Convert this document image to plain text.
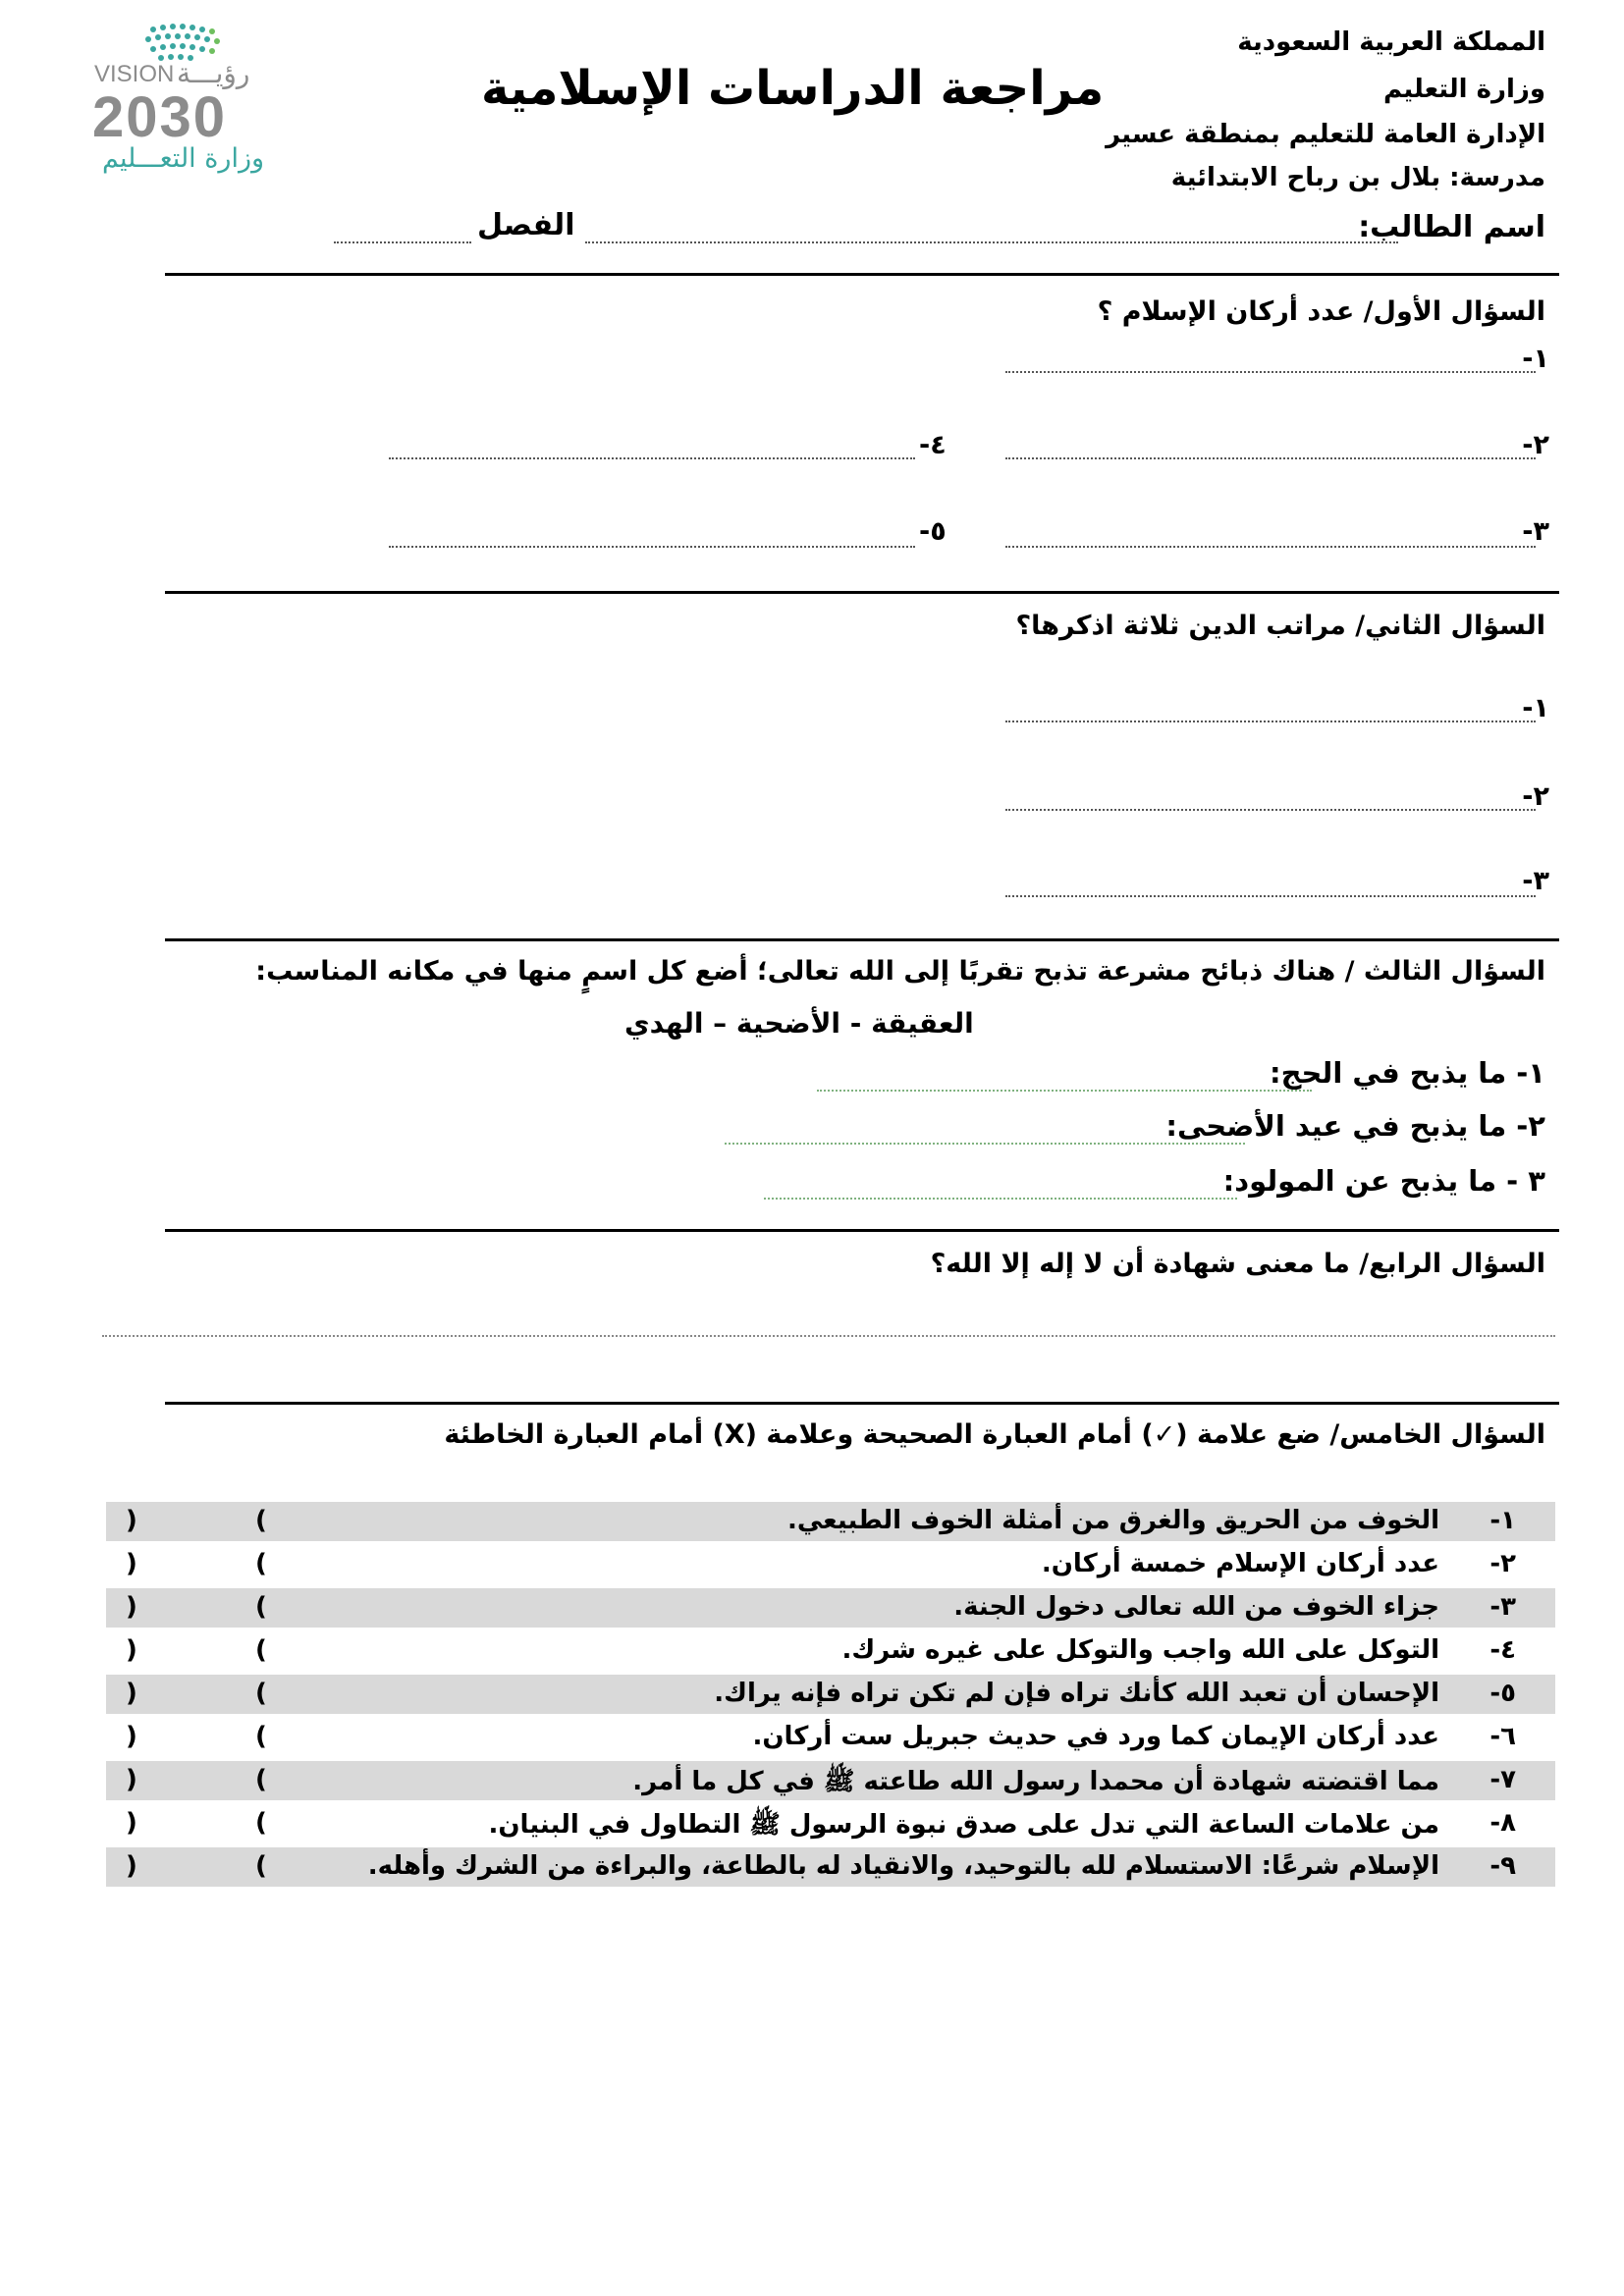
المملكة العربية السعودية
وزارة التعليم
الإدارة العامة للتعليم بمنطقة عسير
مدرسة: بلال بن رباح الابتدائية
مراجعة الدراسات الإسلامية
اسم الطالب:
الفصل
VISION رؤيـــة
2030
وزارة التعـــليم
السؤال الأول/ عدد أركان الإسلام ؟
١-
٢-
٤-
٣-
٥-
السؤال الثاني/ مراتب الدين ثلاثة اذكرها؟
١-
٢-
٣-
السؤال الثالث / هناك ذبائح مشرعة تذبح تقربًا إلى الله تعالى؛ أضع كل اسمٍ منها في مكانه المناسب:
العقيقة - الأضحية – الهدي
١- ما يذبح في الحج:
٢- ما يذبح في عيد الأضحى:
٣ - ما يذبح عن المولود:
السؤال الرابع/ ما معنى شهادة أن لا إله إلا الله؟
السؤال الخامس/ ضع علامة (✓) أمام العبارة الصحيحة وعلامة (X) أمام العبارة الخاطئة
١-
الخوف من الحريق والغرق من أمثلة الخوف الطبيعي.
(
)
٢-
عدد أركان الإسلام خمسة أركان.
(
)
٣-
جزاء الخوف من الله تعالى دخول الجنة.
(
)
٤-
التوكل على الله واجب والتوكل على غيره شرك.
(
)
٥-
الإحسان أن تعبد الله كأنك تراه فإن لم تكن تراه فإنه يراك.
(
)
٦-
عدد أركان الإيمان كما ورد في حديث جبريل ست أركان.
(
)
٧-
مما اقتضته شهادة أن محمدا رسول الله طاعته ﷺ في كل ما أمر.
(
)
٨-
من علامات الساعة التي تدل على صدق نبوة الرسول ﷺ التطاول في البنيان.
(
)
٩-
الإسلام شرعًا: الاستسلام لله بالتوحيد، والانقياد له بالطاعة، والبراءة من الشرك وأهله.
(
)
